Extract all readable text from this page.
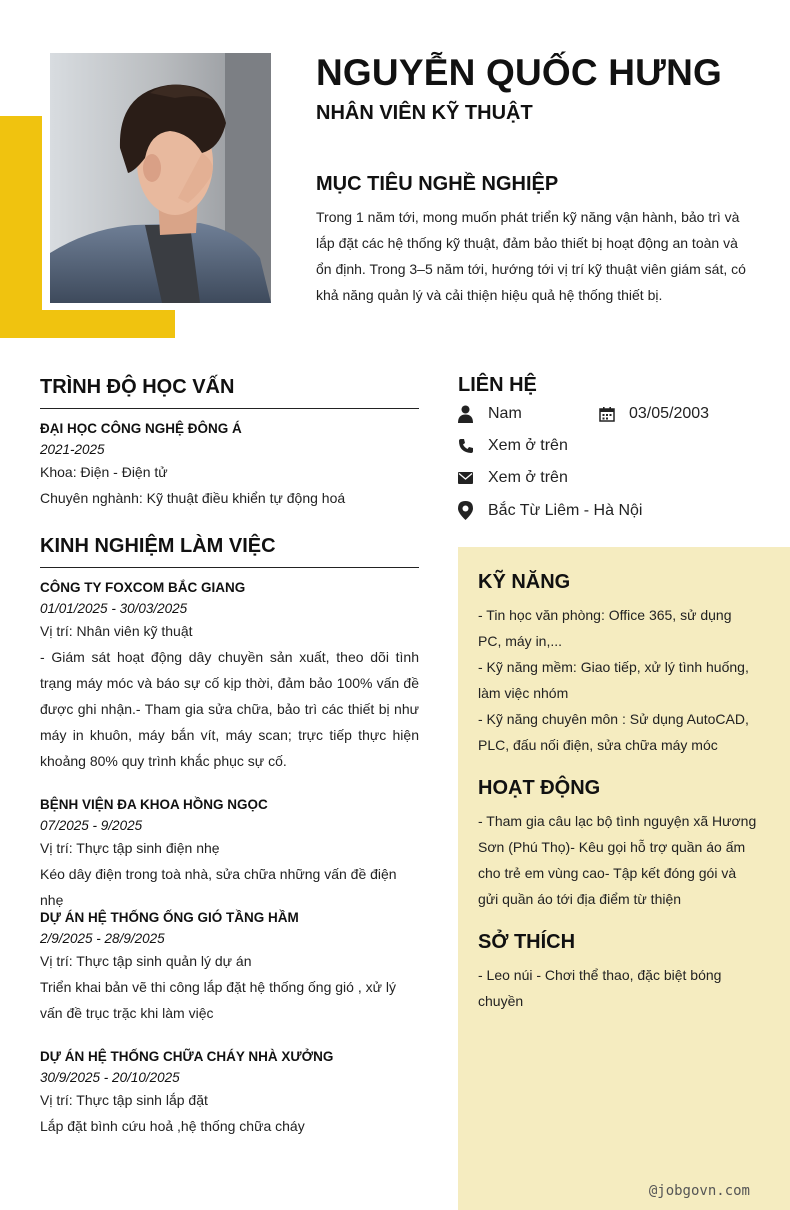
NGUYỄN QUỐC HƯNG
NHÂN VIÊN KỸ THUẬT
MỤC TIÊU NGHỀ NGHIỆP
Trong 1 năm tới, mong muốn phát triển kỹ năng vận hành, bảo trì và lắp đặt các hệ thống kỹ thuật, đảm bảo thiết bị hoạt động an toàn và ổn định. Trong 3–5 năm tới, hướng tới vị trí kỹ thuật viên giám sát, có khả năng quản lý và cải thiện hiệu quả hệ thống thiết bị.
TRÌNH ĐỘ HỌC VẤN
ĐẠI HỌC CÔNG NGHỆ ĐÔNG Á
2021-2025
Khoa: Điện - Điện tử
Chuyên nghành: Kỹ thuật điều khiển tự động hoá
KINH NGHIỆM LÀM VIỆC
CÔNG TY FOXCOM BẮC GIANG
01/01/2025 - 30/03/2025
Vị trí: Nhân viên kỹ thuật
- Giám sát hoạt động dây chuyền sản xuất, theo dõi tình trạng máy móc và báo sự cố kịp thời, đảm bảo 100% vấn đề được ghi nhận.- Tham gia sửa chữa, bảo trì các thiết bị như máy in khuôn, máy bắn vít, máy scan; trực tiếp thực hiện khoảng 80% quy trình khắc phục sự cố.
BỆNH VIỆN ĐA KHOA HỒNG NGỌC
07/2025 - 9/2025
Vị trí: Thực tập sinh điện nhẹ
Kéo dây điện trong toà nhà, sửa chữa những vấn đề điện nhẹ
DỰ ÁN HỆ THỐNG ỐNG GIÓ TẦNG HẦM
2/9/2025 - 28/9/2025
Vị trí: Thực tập sinh quản lý dự án
Triển khai bản vẽ thi công lắp đặt hệ thống ống gió , xử lý vấn đề trục trặc khi làm việc
DỰ ÁN HỆ THỐNG CHỮA CHÁY NHÀ XƯỞNG
30/9/2025 - 20/10/2025
Vị trí: Thực tập sinh lắp đặt
Lắp đặt bình cứu hoả ,hệ thống chữa cháy
LIÊN HỆ
Nam	03/05/2003
Xem ở trên
Xem ở trên
Bắc Từ Liêm - Hà Nội
KỸ NĂNG
- Tin học văn phòng: Office 365, sử dụng PC, máy in,...
- Kỹ năng mềm: Giao tiếp, xử lý tình huống, làm việc nhóm
- Kỹ năng chuyên môn : Sử dụng AutoCAD, PLC, đấu nối điện, sửa chữa máy móc
HOẠT ĐỘNG
- Tham gia câu lạc bộ tình nguyện xã Hương Sơn (Phú Thọ)- Kêu gọi hỗ trợ quần áo ấm cho trẻ em vùng cao- Tập kết đóng gói và gửi quần áo tới địa điểm từ thiện
SỞ THÍCH
- Leo núi - Chơi thể thao, đặc biệt bóng chuyền
@jobgovn.com
